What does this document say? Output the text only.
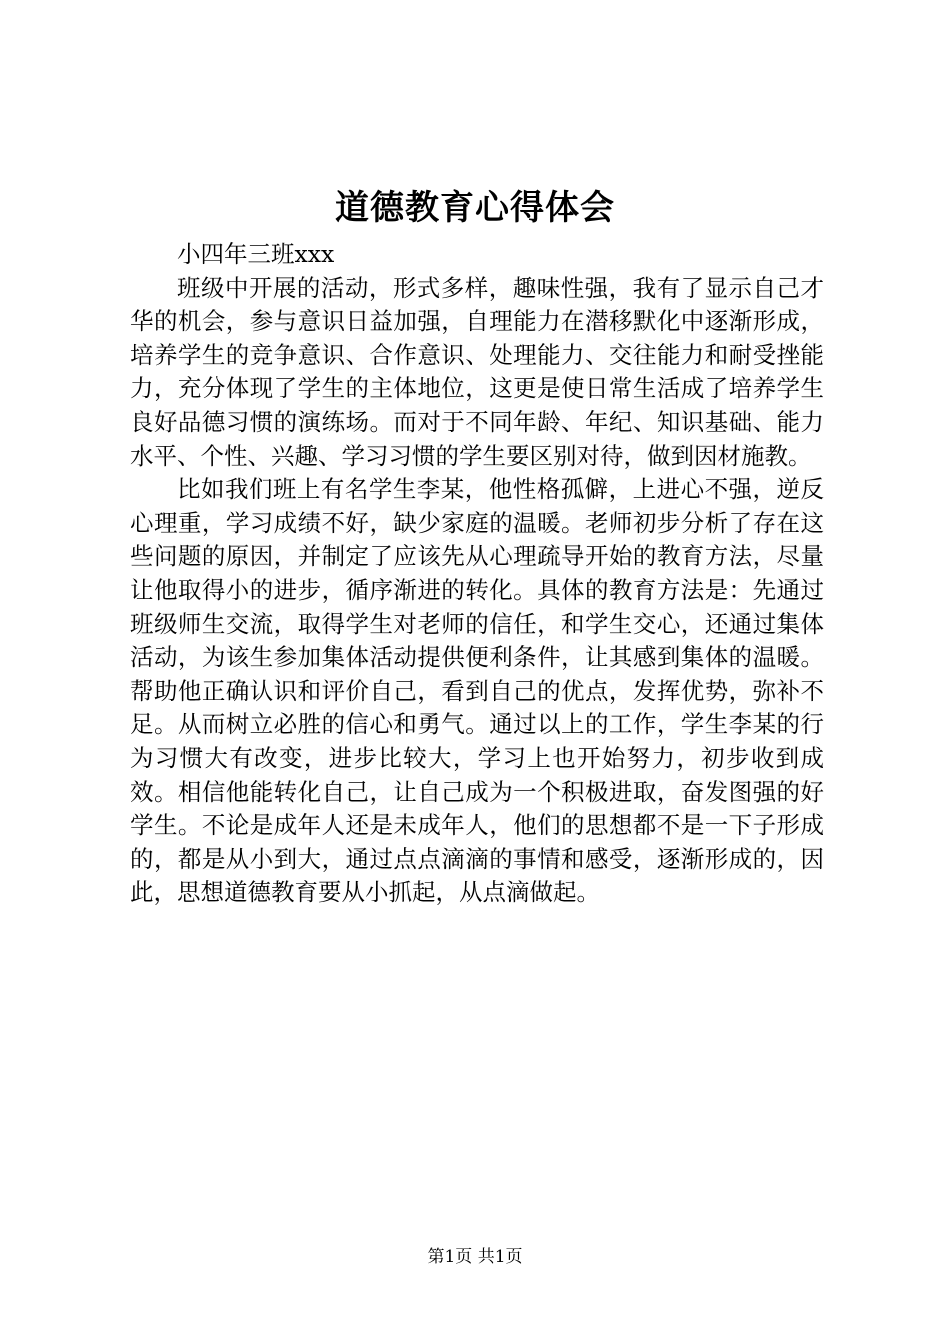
道德教育心得体会

小四年三班xxx

班级中开展的活动，形式多样，趣味性强，我有了显示自己才华的机会，参与意识日益加强，自理能力在潜移默化中逐渐形成，培养学生的竞争意识、合作意识、处理能力、交往能力和耐受挫能力，充分体现了学生的主体地位，这更是使日常生活成了培养学生良好品德习惯的演练场。而对于不同年龄、年纪、知识基础、能力水平、个性、兴趣、学习习惯的学生要区别对待，做到因材施教。

比如我们班上有名学生李某，他性格孤僻，上进心不强，逆反心理重，学习成绩不好，缺少家庭的温暖。老师初步分析了存在这些问题的原因，并制定了应该先从心理疏导开始的教育方法，尽量让他取得小的进步，循序渐进的转化。具体的教育方法是：先通过班级师生交流，取得学生对老师的信任，和学生交心，还通过集体活动，为该生参加集体活动提供便利条件，让其感到集体的温暖。帮助他正确认识和评价自己，看到自己的优点，发挥优势，弥补不足。从而树立必胜的信心和勇气。通过以上的工作，学生李某的行为习惯大有改变，进步比较大，学习上也开始努力，初步收到成效。相信他能转化自己，让自己成为一个积极进取，奋发图强的好学生。不论是成年人还是未成年人，他们的思想都不是一下子形成的，都是从小到大，通过点点滴滴的事情和感受，逐渐形成的，因此，思想道德教育要从小抓起，从点滴做起。

第1页 共1页
